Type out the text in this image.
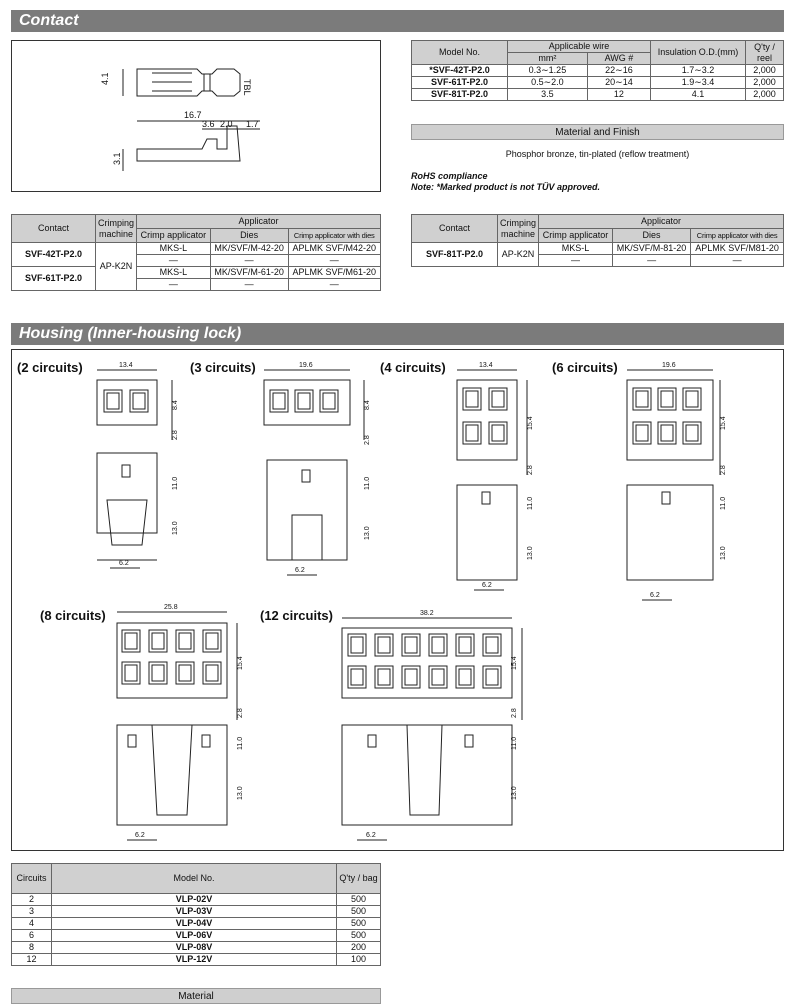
Contact
4.1
TBL
16.7
3.6 2.0 1.7
3.1
Model No.	Applicable wire		Insulation O.D.(mm)	Q'ty / reel
	mm²	AWG #		
*SVF-42T-P2.0	0.3∼1.25	22∼16	1.7∼3.2	2,000
SVF-61T-P2.0	0.5∼2.0	20∼14	1.9∼3.4	2,000
SVF-81T-P2.0	3.5	12	4.1	2,000
Material and Finish
Phosphor bronze, tin-plated (reflow treatment)
RoHS compliance
Note: *Marked product is not TÜV approved.
Contact	Crimping machine	Applicator		
		Crimp applicator	Dies	Crimp applicator with dies
SVF-42T-P2.0	AP-K2N	MKS-L	MK/SVF/M-42-20	APLMK SVF/M42-20
		—	—	—
SVF-61T-P2.0		MKS-L	MK/SVF/M-61-20	APLMK SVF/M61-20
		—	—	—
Contact	Crimping machine	Applicator		
		Crimp applicator	Dies	Crimp applicator with dies
SVF-81T-P2.0	AP-K2N	MKS-L	MK/SVF/M-81-20	APLMK SVF/M81-20
		—	—	—
Housing (Inner-housing lock)
(2 circuits)	(3 circuits)	(4 circuits)	(6 circuits)
(8 circuits)	(12 circuits)
13.4
8.4
2.8
11.0
13.0
6.2
19.6
8.4
2.8
11.0
13.0
6.2
13.4
15.4
2.8
11.0
13.0
6.2
19.6
15.4
2.8
11.0
13.0
6.2
25.8
15.4
2.8
11.0
13.0
6.2
38.2
15.4
2.8
11.0
13.0
6.2
Circuits	Model No.	Q'ty / bag
2	VLP-02V	500
3	VLP-03V	500
4	VLP-04V	500
6	VLP-06V	500
8	VLP-08V	200
12	VLP-12V	100
Material
